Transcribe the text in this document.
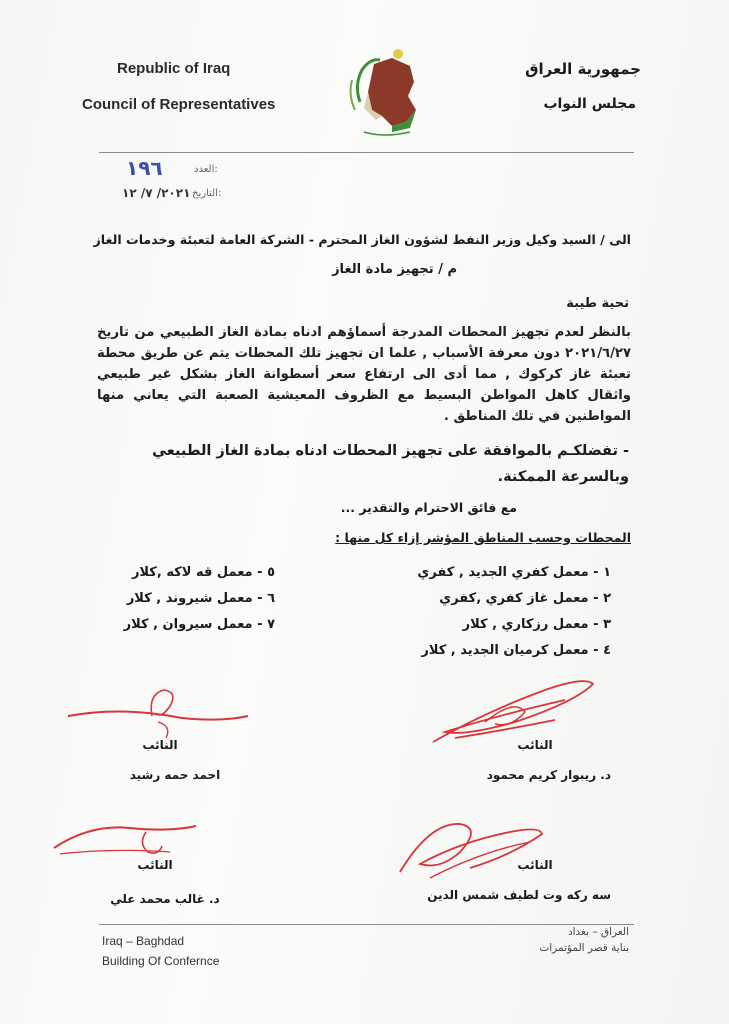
Republic of Iraq
Council of Representatives
جمهورية العراق
مجلس النواب
١٩٦	العدد:
٢٠٢١/ ٧/ ١٢ التاريخ:
الى / السيد وكيل وزير النفط لشؤون الغاز المحترم - الشركة العامة لتعبئة وخدمات الغاز
م / تجهيز مادة الغاز
تحية طيبة
بالنظر لعدم تجهيز المحطات المدرجة أسماؤهم ادناه بمادة الغاز الطبيعي من تاريخ ٢٠٢١/٦/٢٧ دون معرفة الأسباب , علما ان تجهيز تلك المحطات يتم عن طريق محطة تعبئة غاز كركوك , مما أدى الى ارتفاع سعر أسطوانة الغاز بشكل غير طبيعي واثقال كاهل المواطن البسيط مع الظروف المعيشية الصعبة التي يعاني منها المواطنين في تلك المناطق .
- تفضلكـم بالموافقة على تجهيز المحطات ادناه بمادة الغاز الطبيعي وبالسرعة الممكنة.
مع فائق الاحترام والتقدير ...
المحطات وحسب المناطق المؤشر إزاء كل منها :
١ - معمل كفري الجديد , كفري
٢ - معمل غاز كفري ,كفري
٣ - معمل رزكاري , كلار
٤ - معمل كرميان الجديد , كلار
٥ - معمل قه لاكه ,كلار
٦ - معمل شيروند , كلار
٧ - معمل سيروان , كلار
النائب
د. ريبوار كريم محمود
النائب
احمد حمه رشيد
النائب
سه ركه وت لطيف شمس الدين
النائب
د. غالب محمد علي
Iraq – Baghdad
Building Of Confernce
العراق – بغداد
بناية قصر المؤتمرات
